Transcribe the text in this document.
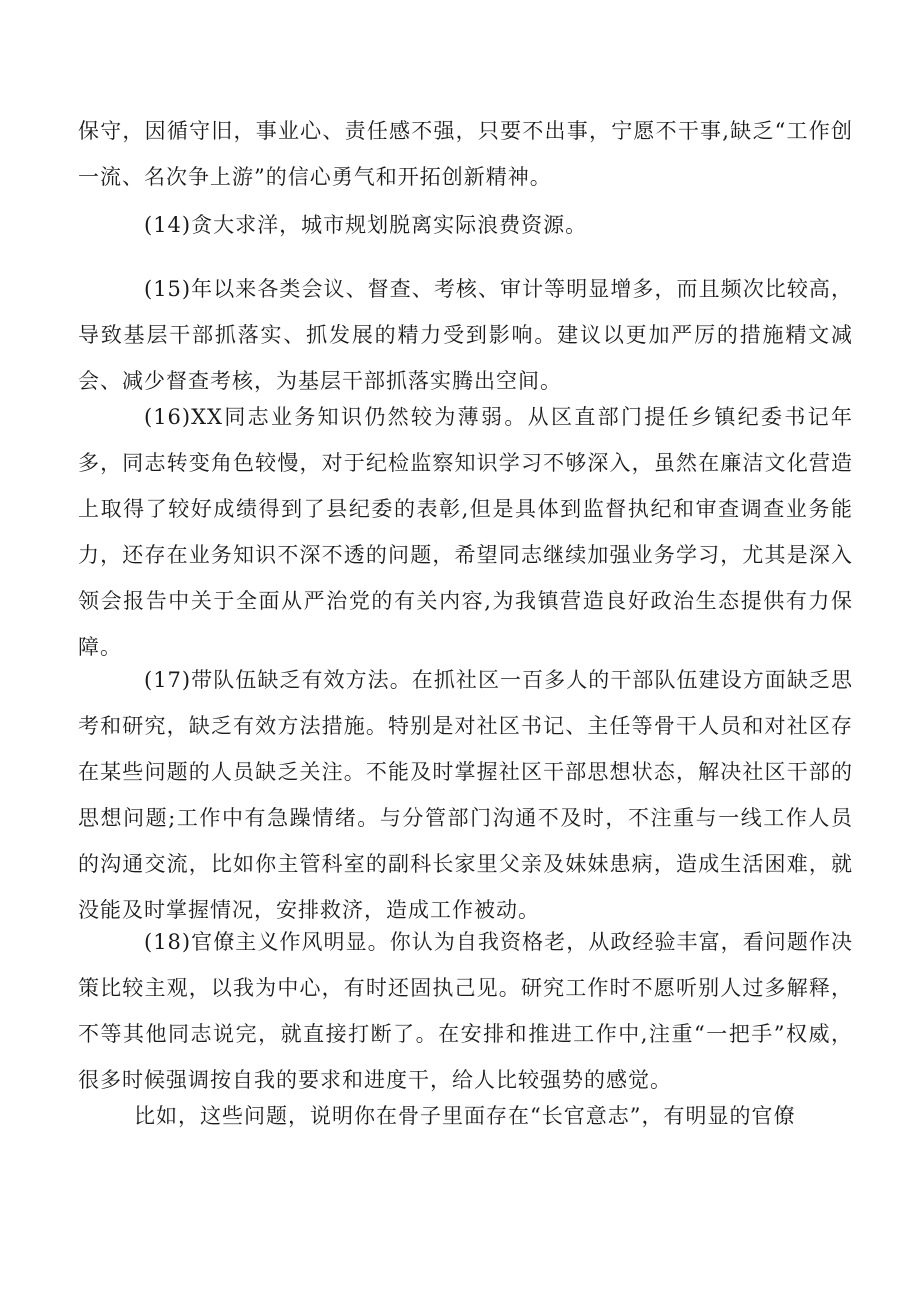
保守，因循守旧，事业心、责任感不强，只要不出事，宁愿不干事,缺乏“工作创一流、名次争上游”的信心勇气和开拓创新精神。

(14)贪大求洋，城市规划脱离实际浪费资源。

(15)年以来各类会议、督查、考核、审计等明显增多，而且频次比较高，导致基层干部抓落实、抓发展的精力受到影响。建议以更加严厉的措施精文减会、减少督查考核，为基层干部抓落实腾出空间。

(16)XX同志业务知识仍然较为薄弱。从区直部门提任乡镇纪委书记年多，同志转变角色较慢，对于纪检监察知识学习不够深入，虽然在廉洁文化营造上取得了较好成绩得到了县纪委的表彰,但是具体到监督执纪和审查调查业务能力，还存在业务知识不深不透的问题，希望同志继续加强业务学习，尤其是深入领会报告中关于全面从严治党的有关内容,为我镇营造良好政治生态提供有力保障。

(17)带队伍缺乏有效方法。在抓社区一百多人的干部队伍建设方面缺乏思考和研究，缺乏有效方法措施。特别是对社区书记、主任等骨干人员和对社区存在某些问题的人员缺乏关注。不能及时掌握社区干部思想状态，解决社区干部的思想问题;工作中有急躁情绪。与分管部门沟通不及时，不注重与一线工作人员的沟通交流，比如你主管科室的副科长家里父亲及妹妹患病，造成生活困难，就没能及时掌握情况，安排救济，造成工作被动。

(18)官僚主义作风明显。你认为自我资格老，从政经验丰富，看问题作决策比较主观，以我为中心，有时还固执己见。研究工作时不愿听别人过多解释，不等其他同志说完，就直接打断了。在安排和推进工作中,注重“一把手”权威，很多时候强调按自我的要求和进度干，给人比较强势的感觉。

比如，这些问题，说明你在骨子里面存在“长官意志”，有明显的官僚
